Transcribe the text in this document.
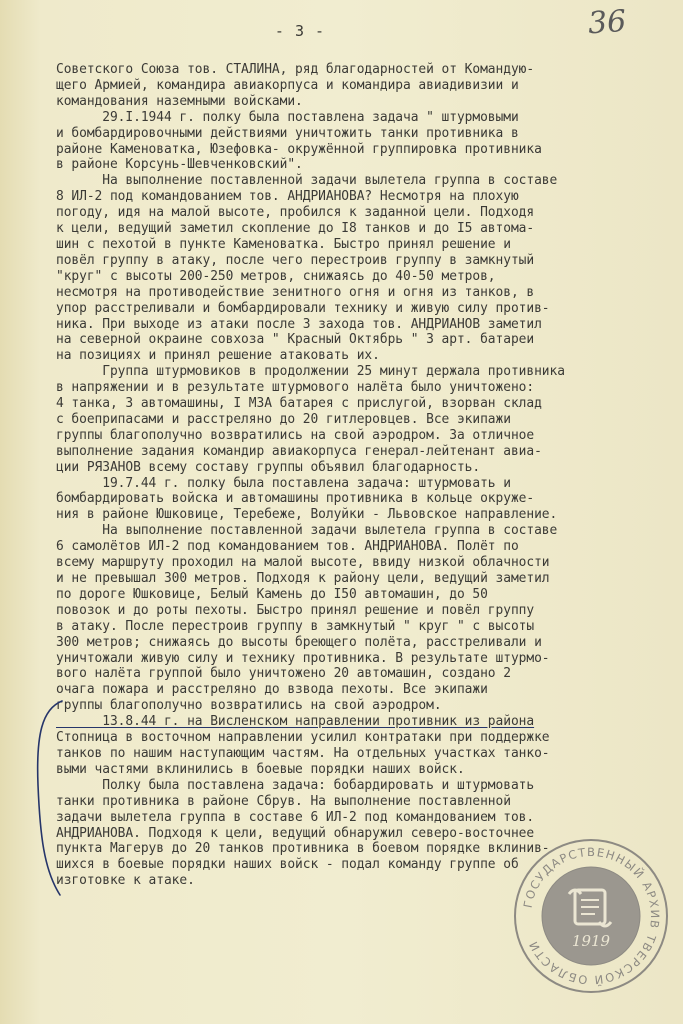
- 3 -	36
Советского Союза тов. СТАЛИНА, ряд благодарностей от Командую-
щего Армией, командира авиакорпуса и командира авиадивизии и
командования наземными войсками.
29.I.1944 г. полку была поставлена задача " штурмовыми
и бомбардировочными действиями уничтожить танки противника в
районе Каменоватка, Юзефовка- окружённой группировка противника
в районе Корсунь-Шевченковский".
На выполнение поставленной задачи вылетела группа в составе
8 ИЛ-2 под командованием тов. АНДРИАНОВА? Несмотря на плохую
погоду, идя на малой высоте, пробился к заданной цели. Подходя
к цели, ведущий заметил скопление до I8 танков и до I5 автома-
шин с пехотой в пункте Каменоватка. Быстро принял решение и
повёл группу в атаку, после чего перестроив группу в замкнутый
"круг" с высоты 200-250 метров, снижаясь до 40-50 метров,
несмотря на противодействие зенитного огня и огня из танков, в
упор расстреливали и бомбардировали технику и живую силу против-
ника. При выходе из атаки после 3 захода тов. АНДРИАНОВ заметил
на северной окраине совхоза " Красный Октябрь " 3 арт. батареи
на позициях и принял решение атаковать их.
Группа штурмовиков в продолжении 25 минут держала противника
в напряжении и в результате штурмового налёта было уничтожено:
4 танка, 3 автомашины, I МЗА батарея с прислугой, взорван склад
с боеприпасами и расстреляно до 20 гитлеровцев. Все экипажи
группы благополучно возвратились на свой аэродром. За отличное
выполнение задания командир авиакорпуса генерал-лейтенант авиа-
ции РЯЗАНОВ всему составу группы объявил благодарность.
19.7.44 г. полку была поставлена задача: штурмовать и
бомбардировать войска и автомашины противника в кольце окруже-
ния в районе Юшковице, Теребеже, Волуйки - Львовское направление.
На выполнение поставленной задачи вылетела группа в составе
6 самолётов ИЛ-2 под командованием тов. АНДРИАНОВА. Полёт по
всему маршруту проходил на малой высоте, ввиду низкой облачности
и не превышал 300 метров. Подходя к району цели, ведущий заметил
по дороге Юшковице, Белый Камень до I50 автомашин, до 50
повозок и до роты пехоты. Быстро принял решение и повёл группу
в атаку. После перестроив группу в замкнутый " круг " с высоты
300 метров; снижаясь до высоты бреющего полёта, расстреливали и
уничтожали живую силу и технику противника. В результате штурмо-
вого налёта группой было уничтожено 20 автомашин, создано 2
очага пожара и расстреляно до взвода пехоты. Все экипажи
группы благополучно возвратились на свой аэродром.
13.8.44 г. на Висленском направлении противник из района
Стопница в восточном направлении усилил контратаки при поддержке
танков по нашим наступающим частям. На отдельных участках танко-
выми частями вклинились в боевые порядки наших войск.
Полку была поставлена задача: бобардировать и штурмовать
танки противника в районе Сбрув. На выполнение поставленной
задачи вылетела группа в составе 6 ИЛ-2 под командованием тов.
АНДРИАНОВА. Подходя к цели, ведущий обнаружил северо-восточнее
пункта Магерув до 20 танков противника в боевом порядке вклинив-
шихся в боевые порядки наших войск - подал команду группе об
изготовке к атаке.
ГОСУДАРСТВЕННЫЙ АРХИВ ТВЕРСКОЙ ОБЛАСТИ	1919
